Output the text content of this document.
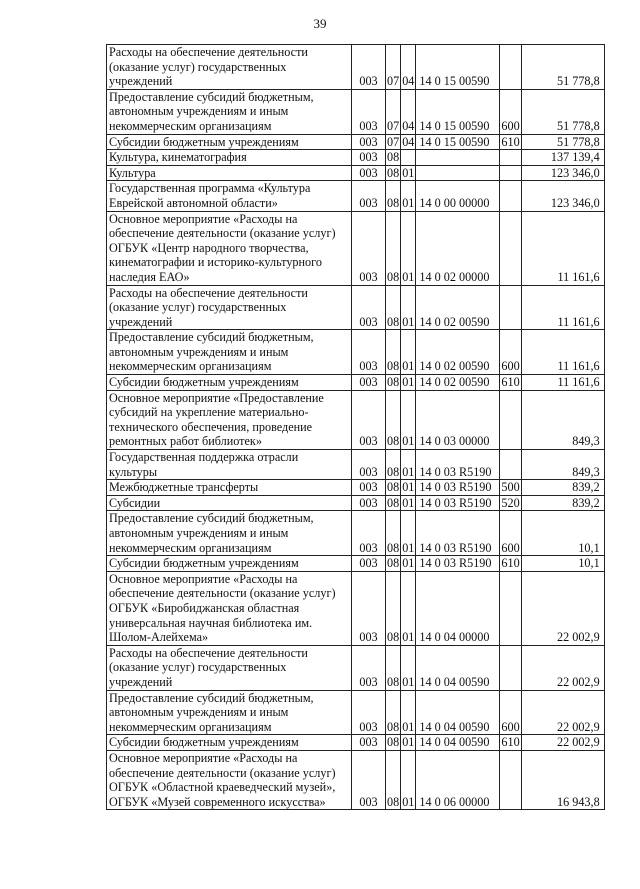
39
Расходы на обеспечение деятельности (оказание услуг) государственных учреждений	003	07	04	14 0 15 00590		51 778,8
Предоставление субсидий бюджетным, автономным учреждениям и иным некоммерческим организациям	003	07	04	14 0 15 00590	600	51 778,8
Субсидии бюджетным учреждениям	003	07	04	14 0 15 00590	610	51 778,8
Культура, кинематография	003	08				137 139,4
Культура	003	08	01			123 346,0
Государственная программа «Культура Еврейской автономной области»	003	08	01	14 0 00 00000		123 346,0
Основное мероприятие «Расходы на обеспечение деятельности (оказание услуг) ОГБУК «Центр народного творчества, кинематографии и историко-культурного наследия ЕАО»	003	08	01	14 0 02 00000		11 161,6
Расходы на обеспечение деятельности (оказание услуг) государственных учреждений	003	08	01	14 0 02 00590		11 161,6
Предоставление субсидий бюджетным, автономным учреждениям и иным некоммерческим организациям	003	08	01	14 0 02 00590	600	11 161,6
Субсидии бюджетным учреждениям	003	08	01	14 0 02 00590	610	11 161,6
Основное мероприятие «Предоставление субсидий на укрепление материально-технического обеспечения, проведение ремонтных работ библиотек»	003	08	01	14 0 03 00000		849,3
Государственная поддержка отрасли культуры	003	08	01	14 0 03 R5190		849,3
Межбюджетные трансферты	003	08	01	14 0 03 R5190	500	839,2
Субсидии	003	08	01	14 0 03 R5190	520	839,2
Предоставление субсидий бюджетным, автономным учреждениям и иным некоммерческим организациям	003	08	01	14 0 03 R5190	600	10,1
Субсидии бюджетным учреждениям	003	08	01	14 0 03 R5190	610	10,1
Основное мероприятие «Расходы на обеспечение деятельности (оказание услуг) ОГБУК «Биробиджанская областная универсальная научная библиотека им. Шолом-Алейхема»	003	08	01	14 0 04 00000		22 002,9
Расходы на обеспечение деятельности (оказание услуг) государственных учреждений	003	08	01	14 0 04 00590		22 002,9
Предоставление субсидий бюджетным, автономным учреждениям и иным некоммерческим организациям	003	08	01	14 0 04 00590	600	22 002,9
Субсидии бюджетным учреждениям	003	08	01	14 0 04 00590	610	22 002,9
Основное мероприятие «Расходы на обеспечение деятельности (оказание услуг) ОГБУК «Областной краеведческий музей», ОГБУК «Музей современного искусства»	003	08	01	14 0 06 00000		16 943,8
